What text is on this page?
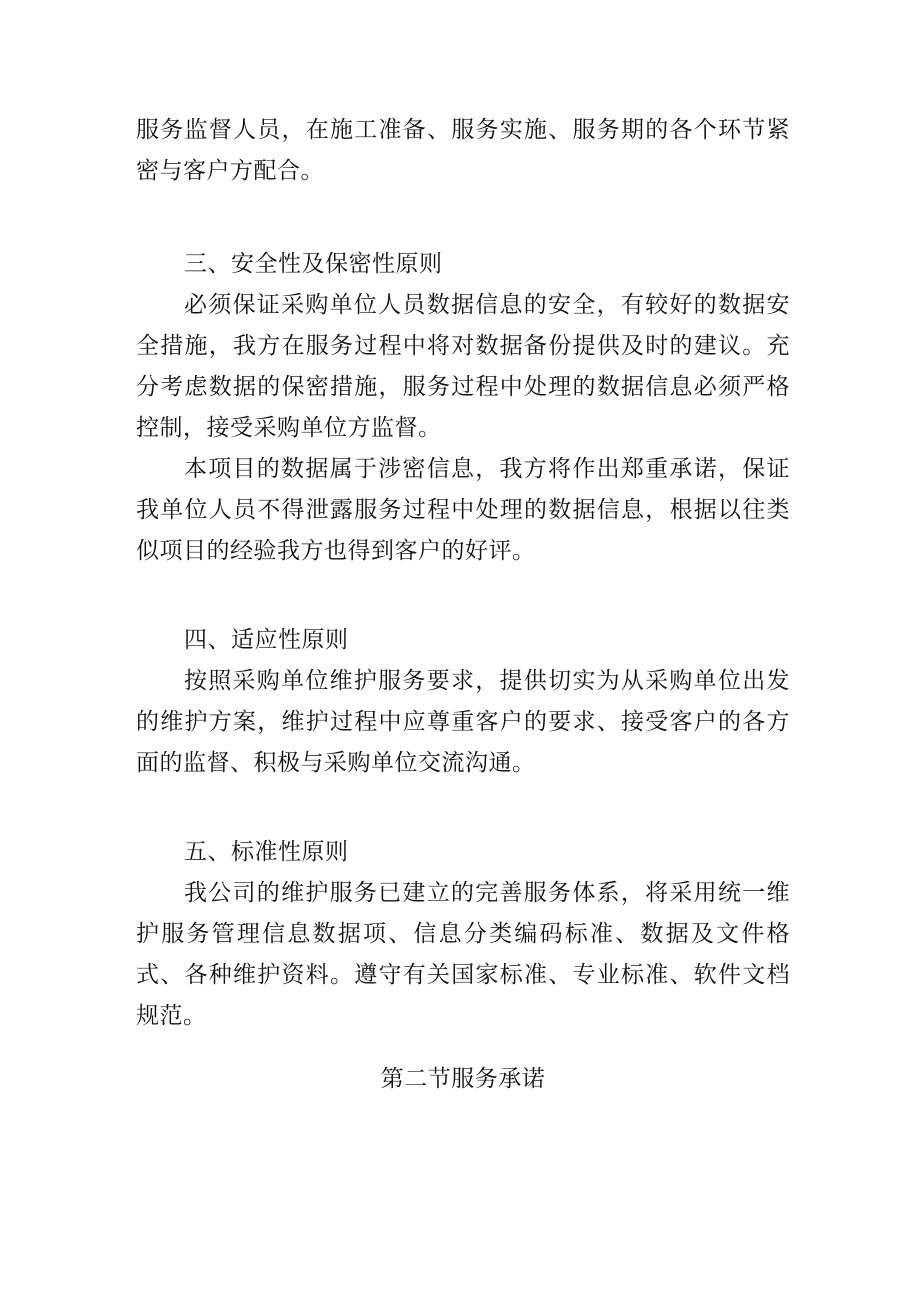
服务监督人员，在施工准备、服务实施、服务期的各个环节紧密与客户方配合。

三、安全性及保密性原则

必须保证采购单位人员数据信息的安全，有较好的数据安全措施，我方在服务过程中将对数据备份提供及时的建议。充分考虑数据的保密措施，服务过程中处理的数据信息必须严格控制，接受采购单位方监督。

本项目的数据属于涉密信息，我方将作出郑重承诺，保证我单位人员不得泄露服务过程中处理的数据信息，根据以往类似项目的经验我方也得到客户的好评。

四、适应性原则

按照采购单位维护服务要求，提供切实为从采购单位出发的维护方案，维护过程中应尊重客户的要求、接受客户的各方面的监督、积极与采购单位交流沟通。

五、标准性原则

我公司的维护服务已建立的完善服务体系，将采用统一维护服务管理信息数据项、信息分类编码标准、数据及文件格式、各种维护资料。遵守有关国家标准、专业标准、软件文档规范。

第二节服务承诺
